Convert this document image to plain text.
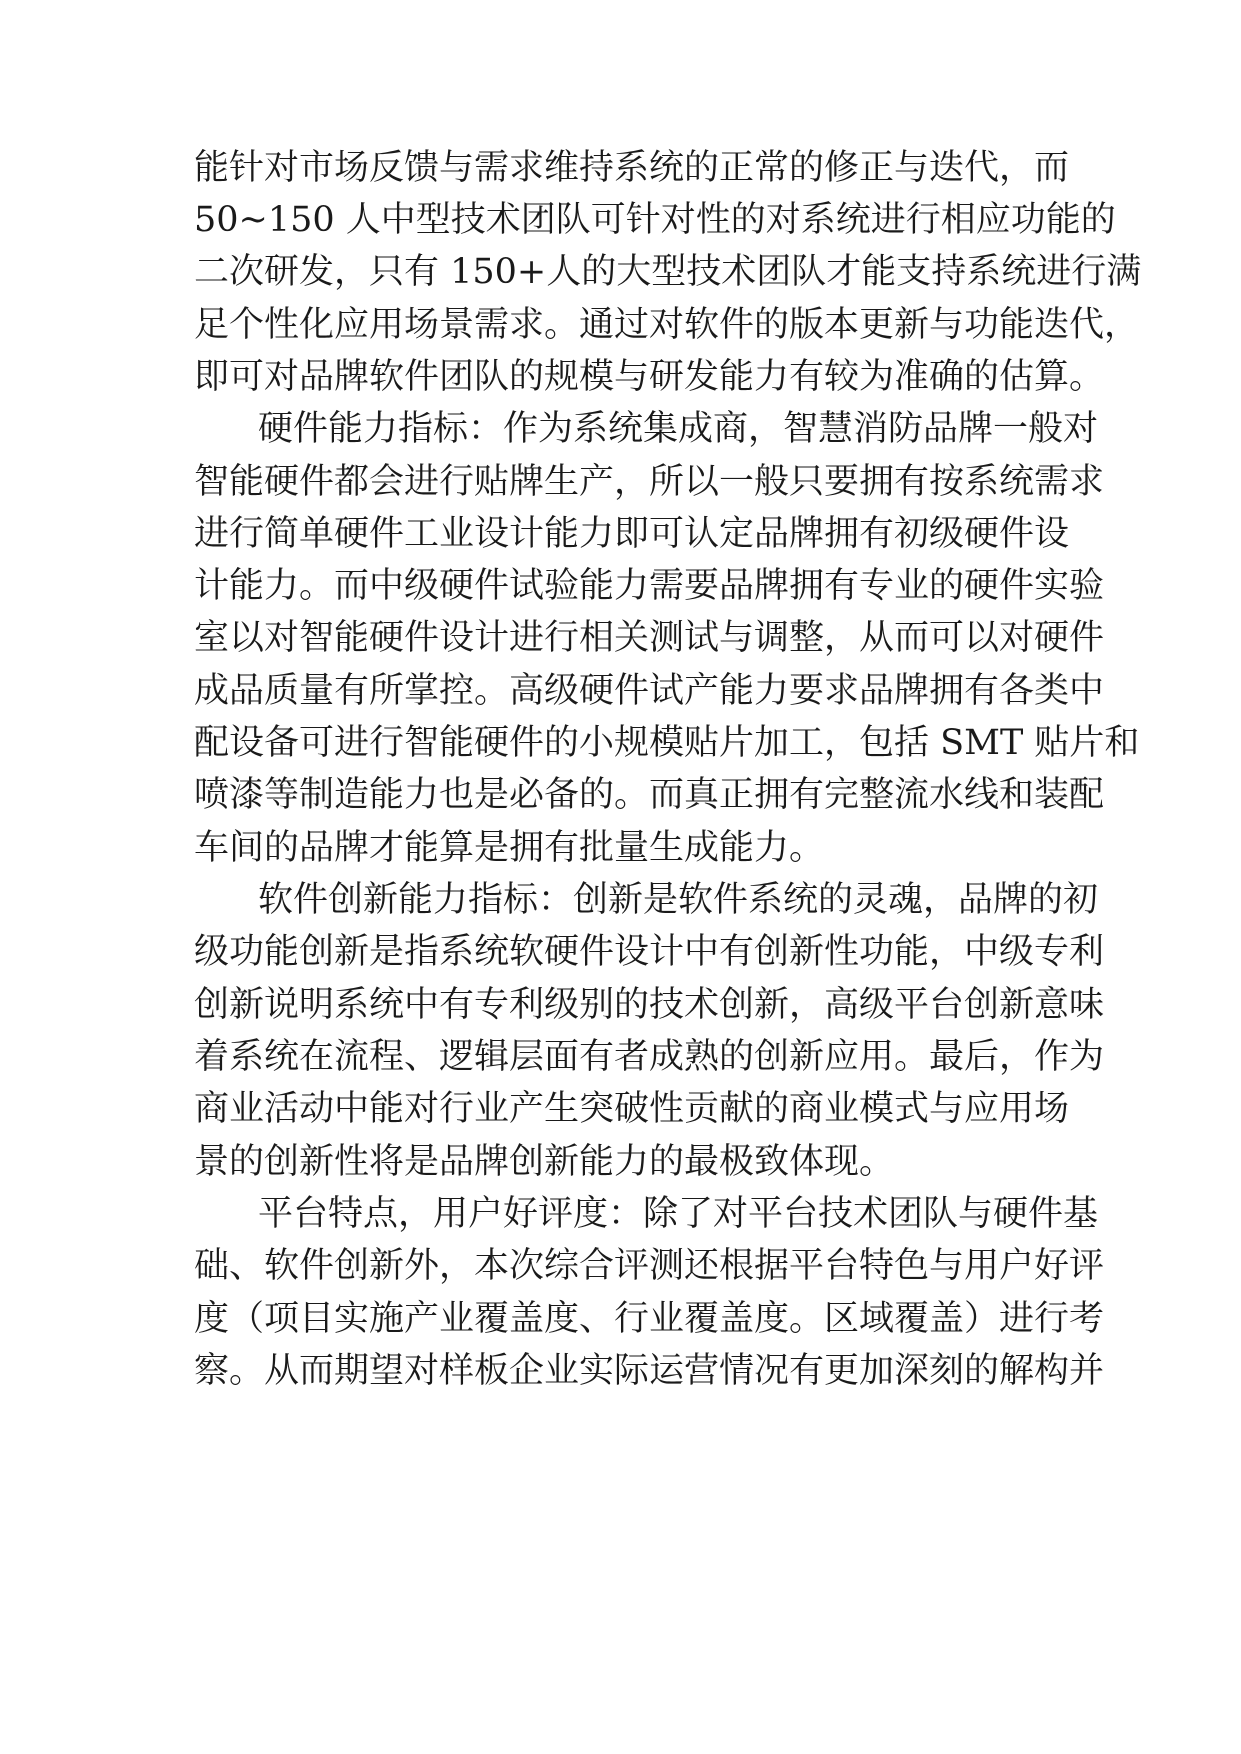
能针对市场反馈与需求维持系统的正常的修正与迭代，而
50~150 人中型技术团队可针对性的对系统进行相应功能的
二次研发，只有 150+人的大型技术团队才能支持系统进行满
足个性化应用场景需求。通过对软件的版本更新与功能迭代，
即可对品牌软件团队的规模与研发能力有较为准确的估算。
硬件能力指标：作为系统集成商，智慧消防品牌一般对
智能硬件都会进行贴牌生产，所以一般只要拥有按系统需求
进行简单硬件工业设计能力即可认定品牌拥有初级硬件设
计能力。而中级硬件试验能力需要品牌拥有专业的硬件实验
室以对智能硬件设计进行相关测试与调整，从而可以对硬件
成品质量有所掌控。高级硬件试产能力要求品牌拥有各类中
配设备可进行智能硬件的小规模贴片加工，包括 SMT 贴片和
喷漆等制造能力也是必备的。而真正拥有完整流水线和装配
车间的品牌才能算是拥有批量生成能力。
软件创新能力指标：创新是软件系统的灵魂，品牌的初
级功能创新是指系统软硬件设计中有创新性功能，中级专利
创新说明系统中有专利级别的技术创新，高级平台创新意味
着系统在流程、逻辑层面有者成熟的创新应用。最后，作为
商业活动中能对行业产生突破性贡献的商业模式与应用场
景的创新性将是品牌创新能力的最极致体现。
平台特点，用户好评度：除了对平台技术团队与硬件基
础、软件创新外，本次综合评测还根据平台特色与用户好评
度（项目实施产业覆盖度、行业覆盖度。区域覆盖）进行考
察。从而期望对样板企业实际运营情况有更加深刻的解构并
